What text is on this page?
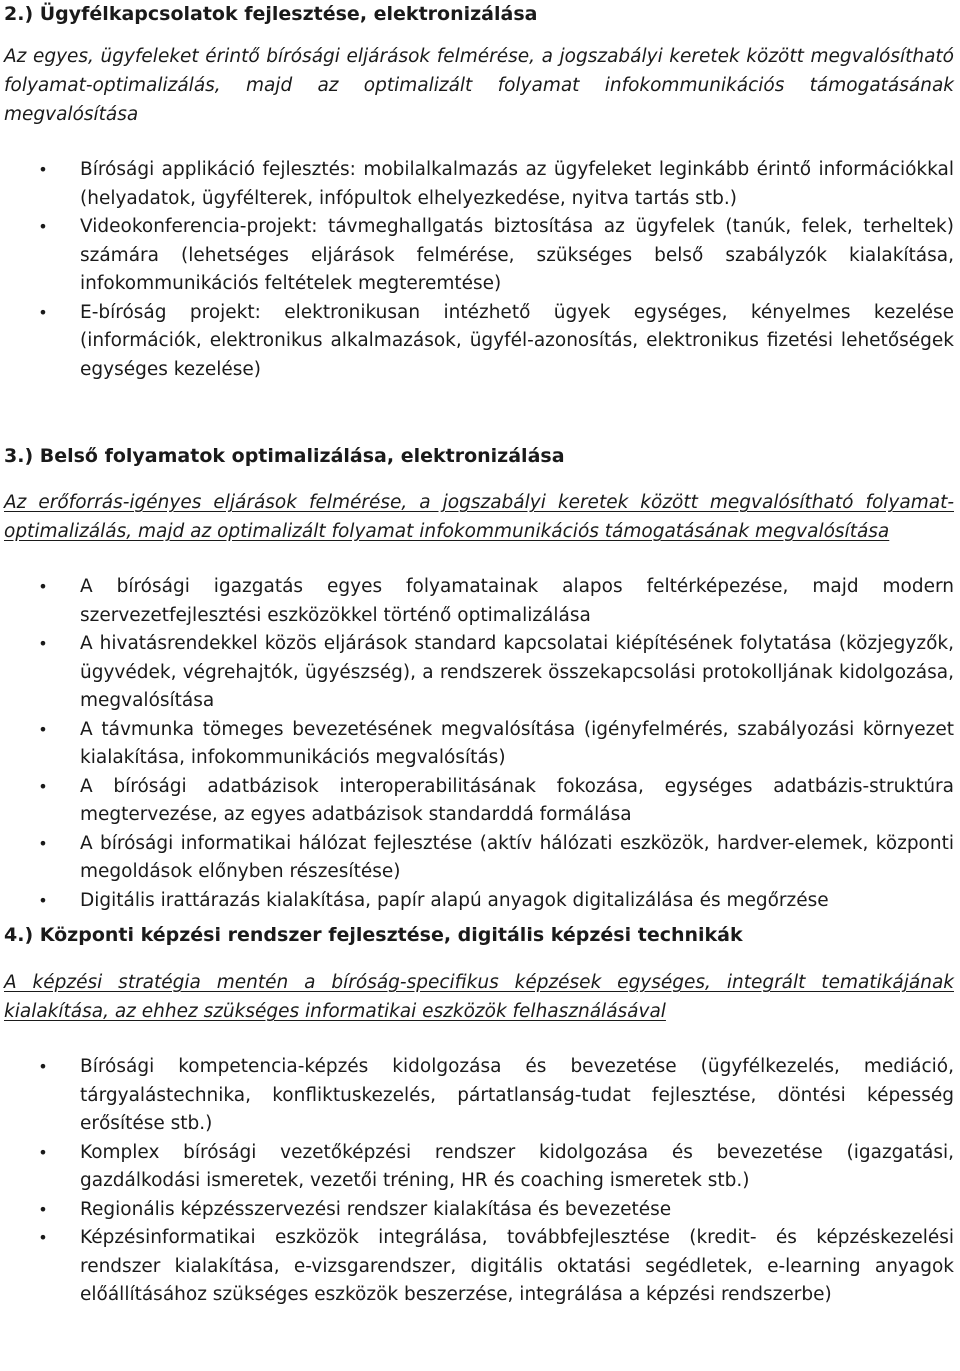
2.) Ügyfélkapcsolatok fejlesztése, elektronizálása

Az egyes, ügyfeleket érintő bírósági eljárások felmérése, a jogszabályi keretek között megvalósítható folyamat-optimalizálás, majd az optimalizált folyamat infokommunikációs támogatásának megvalósítása

• Bírósági applikáció fejlesztés: mobilalkalmazás az ügyfeleket leginkább érintő információkkal (helyadatok, ügyfélterek, infópultok elhelyezkedése, nyitva tartás stb.)
• Videokonferencia-projekt: távmeghallgatás biztosítása az ügyfelek (tanúk, felek, terheltek) számára (lehetséges eljárások felmérése, szükséges belső szabályzók kialakítása, infokommunikációs feltételek megteremtése)
• E-bíróság projekt: elektronikusan intézhető ügyek egységes, kényelmes kezelése (információk, elektronikus alkalmazások, ügyfél-azonosítás, elektronikus fizetési lehetőségek egységes kezelése)
3.) Belső folyamatok optimalizálása, elektronizálása

Az erőforrás-igényes eljárások felmérése, a jogszabályi keretek között megvalósítható folyamat-optimalizálás, majd az optimalizált folyamat infokommunikációs támogatásának megvalósítása

• A bírósági igazgatás egyes folyamatainak alapos feltérképezése, majd modern szervezetfejlesztési eszközökkel történő optimalizálása
• A hivatásrendekkel közös eljárások standard kapcsolatai kiépítésének folytatása (közjegyzők, ügyvédek, végrehajtók, ügyészség), a rendszerek összekapcsolási protokolljának kidolgozása, megvalósítása
• A távmunka tömeges bevezetésének megvalósítása (igényfelmérés, szabályozási környezet kialakítása, infokommunikációs megvalósítás)
• A bírósági adatbázisok interoperabilitásának fokozása, egységes adatbázis-struktúra megtervezése, az egyes adatbázisok standarddá formálása
• A bírósági informatikai hálózat fejlesztése (aktív hálózati eszközök, hardver-elemek, központi megoldások előnyben részesítése)
• Digitális irattárazás kialakítása, papír alapú anyagok digitalizálása és megőrzése
4.) Központi képzési rendszer fejlesztése, digitális képzési technikák

A képzési stratégia mentén a bíróság-specifikus képzések egységes, integrált tematikájának kialakítása, az ehhez szükséges informatikai eszközök felhasználásával

• Bírósági kompetencia-képzés kidolgozása és bevezetése (ügyfélkezelés, mediáció, tárgyalástechnika, konfliktuskezelés, pártatlanság-tudat fejlesztése, döntési képesség erősítése stb.)
• Komplex bírósági vezetőképzési rendszer kidolgozása és bevezetése (igazgatási, gazdálkodási ismeretek, vezetői tréning, HR és coaching ismeretek stb.)
• Regionális képzésszervezési rendszer kialakítása és bevezetése
• Képzésinformatikai eszközök integrálása, továbbfejlesztése (kredit- és képzéskezelési rendszer kialakítása, e-vizsgarendszer, digitális oktatási segédletek, e-learning anyagok előállításához szükséges eszközök beszerzése, integrálása a képzési rendszerbe)
